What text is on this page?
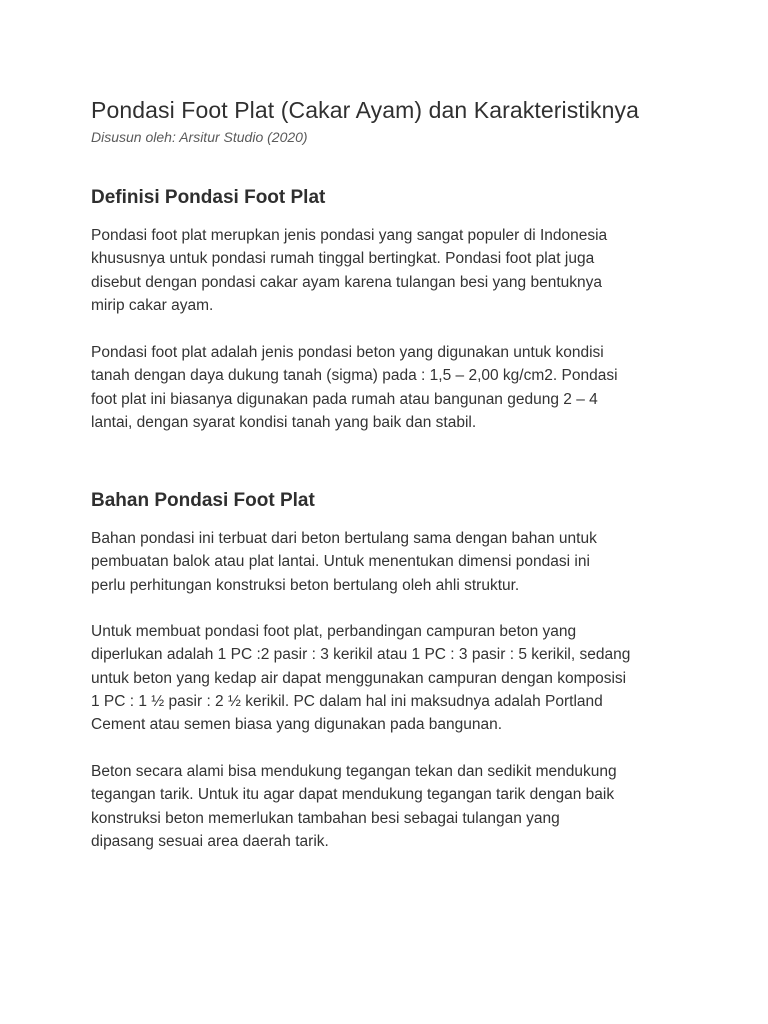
Pondasi Foot Plat (Cakar Ayam) dan Karakteristiknya

Disusun oleh: Arsitur Studio (2020)

Definisi Pondasi Foot Plat

Pondasi foot plat merupkan jenis pondasi yang sangat populer di Indonesia
khususnya untuk pondasi rumah tinggal bertingkat. Pondasi foot plat juga
disebut dengan pondasi cakar ayam karena tulangan besi yang bentuknya
mirip cakar ayam.

Pondasi foot plat adalah jenis pondasi beton yang digunakan untuk kondisi
tanah dengan daya dukung tanah (sigma) pada : 1,5 – 2,00 kg/cm2. Pondasi
foot plat ini biasanya digunakan pada rumah atau bangunan gedung 2 – 4
lantai, dengan syarat kondisi tanah yang baik dan stabil.

Bahan Pondasi Foot Plat

Bahan pondasi ini terbuat dari beton bertulang sama dengan bahan untuk
pembuatan balok atau plat lantai. Untuk menentukan dimensi pondasi ini
perlu perhitungan konstruksi beton bertulang oleh ahli struktur.

Untuk membuat pondasi foot plat, perbandingan campuran beton yang
diperlukan adalah 1 PC :2 pasir : 3 kerikil atau 1 PC : 3 pasir : 5 kerikil, sedang
untuk beton yang kedap air dapat menggunakan campuran dengan komposisi
1 PC : 1 ½ pasir : 2 ½ kerikil. PC dalam hal ini maksudnya adalah Portland
Cement atau semen biasa yang digunakan pada bangunan.

Beton secara alami bisa mendukung tegangan tekan dan sedikit mendukung
tegangan tarik. Untuk itu agar dapat mendukung tegangan tarik dengan baik
konstruksi beton memerlukan tambahan besi sebagai tulangan yang
dipasang sesuai area daerah tarik.
